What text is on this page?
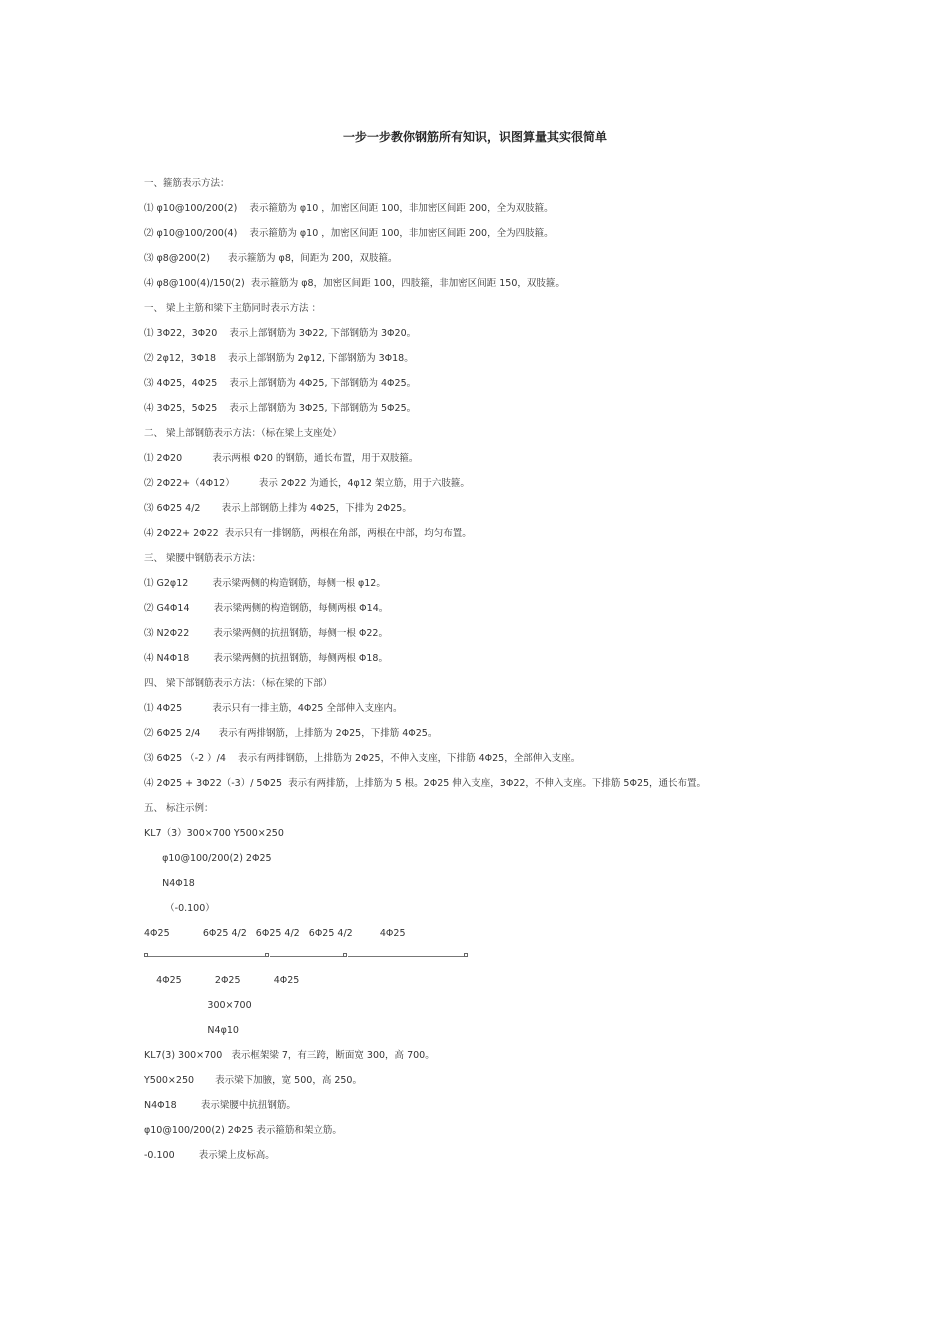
一步一步教你钢筋所有知识，识图算量其实很简单
一、箍筋表示方法：
⑴ φ10@100/200(2)    表示箍筋为 φ10 ，加密区间距 100，非加密区间距 200，全为双肢箍。
⑵ φ10@100/200(4)    表示箍筋为 φ10 ，加密区间距 100，非加密区间距 200，全为四肢箍。
⑶ φ8@200(2)      表示箍筋为 φ8，间距为 200，双肢箍。
⑷ φ8@100(4)/150(2)  表示箍筋为 φ8，加密区间距 100，四肢箍，非加密区间距 150，双肢箍。
一、 梁上主筋和梁下主筋同时表示方法 ：
⑴ 3Φ22，3Φ20    表示上部钢筋为 3Φ22, 下部钢筋为 3Φ20。
⑵ 2φ12，3Φ18    表示上部钢筋为 2φ12, 下部钢筋为 3Φ18。
⑶ 4Φ25，4Φ25    表示上部钢筋为 4Φ25, 下部钢筋为 4Φ25。
⑷ 3Φ25，5Φ25    表示上部钢筋为 3Φ25, 下部钢筋为 5Φ25。
二、 梁上部钢筋表示方法：（标在梁上支座处）
⑴ 2Φ20          表示两根 Φ20 的钢筋，通长布置，用于双肢箍。
⑵ 2Φ22+（4Φ12）        表示 2Φ22 为通长，4φ12 架立筋，用于六肢箍。
⑶ 6Φ25 4/2       表示上部钢筋上排为 4Φ25，下排为 2Φ25。
⑷ 2Φ22+ 2Φ22  表示只有一排钢筋，两根在角部，两根在中部，均匀布置。
三、 梁腰中钢筋表示方法：
⑴ G2φ12        表示梁两侧的构造钢筋，每侧一根 φ12。
⑵ G4Φ14        表示梁两侧的构造钢筋，每侧两根 Φ14。
⑶ N2Φ22        表示梁两侧的抗扭钢筋，每侧一根 Φ22。
⑷ N4Φ18        表示梁两侧的抗扭钢筋，每侧两根 Φ18。
四、 梁下部钢筋表示方法：（标在梁的下部）
⑴ 4Φ25          表示只有一排主筋，4Φ25 全部伸入支座内。
⑵ 6Φ25 2/4      表示有两排钢筋，上排筋为 2Φ25，下排筋 4Φ25。
⑶ 6Φ25 （-2 ）/4    表示有两排钢筋，上排筋为 2Φ25，不伸入支座，下排筋 4Φ25，全部伸入支座。
⑷ 2Φ25 + 3Φ22（-3）/ 5Φ25  表示有两排筋，上排筋为 5 根。2Φ25 伸入支座，3Φ22，不伸入支座。下排筋 5Φ25，通长布置。
五、 标注示例：
KL7（3）300×700 Y500×250
φ10@100/200(2) 2Φ25
N4Φ18
（-0.100）
4Φ25           6Φ25 4/2   6Φ25 4/2   6Φ25 4/2         4Φ25
4Φ25           2Φ25           4Φ25
300×700
N4φ10
KL7(3) 300×700   表示框架梁 7，有三跨，断面宽 300，高 700。
Y500×250       表示梁下加腋，宽 500，高 250。
N4Φ18        表示梁腰中抗扭钢筋。
φ10@100/200(2) 2Φ25 表示箍筋和架立筋。
-0.100        表示梁上皮标高。
